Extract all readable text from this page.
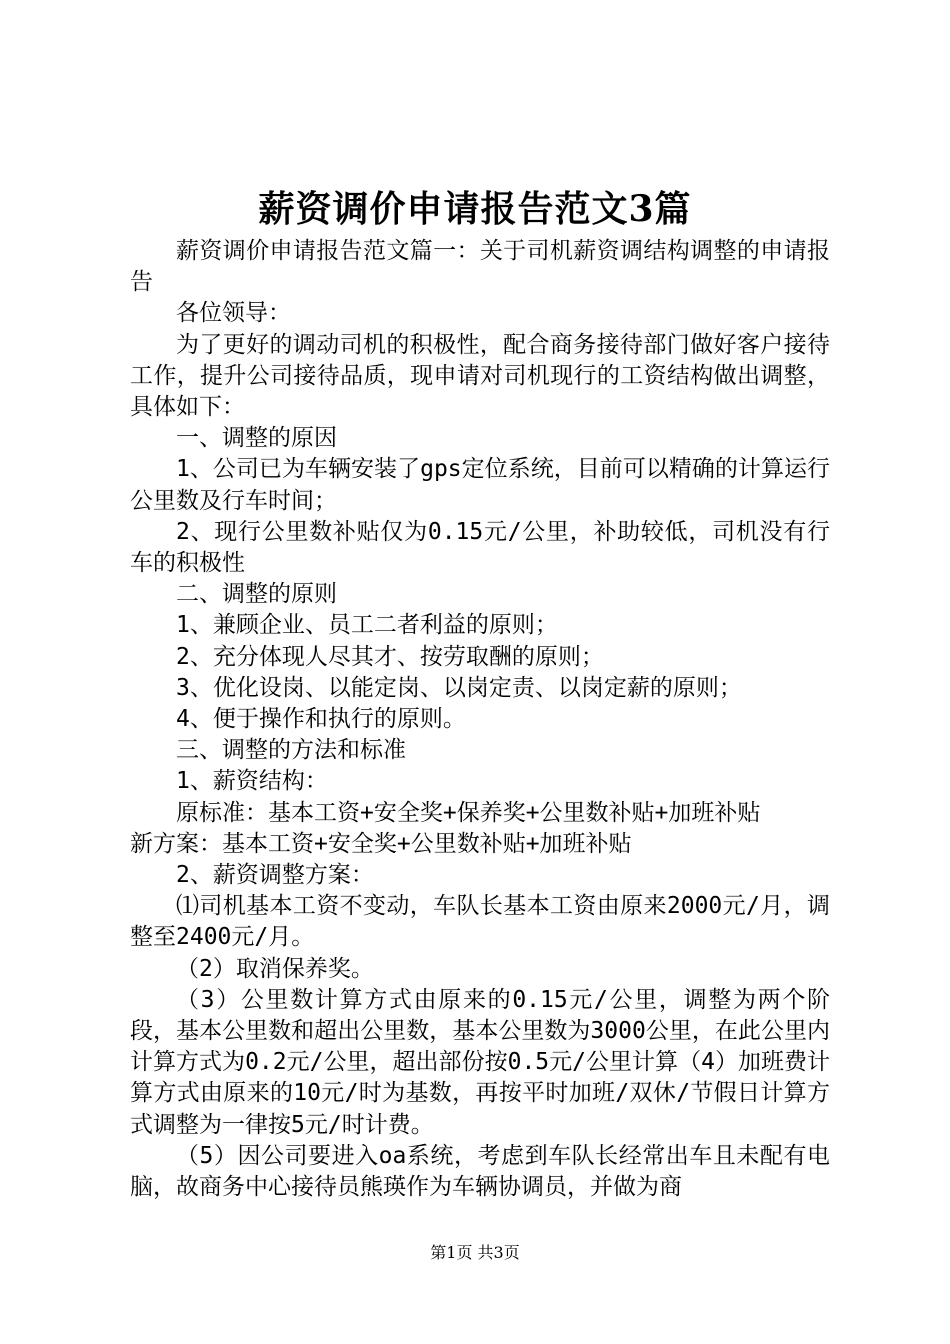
薪资调价申请报告范文3篇

薪资调价申请报告范文篇一：关于司机薪资调结构调整的申请报告

各位领导：

为了更好的调动司机的积极性，配合商务接待部门做好客户接待工作，提升公司接待品质，现申请对司机现行的工资结构做出调整，具体如下：

一、调整的原因

1、公司已为车辆安装了gps定位系统，目前可以精确的计算运行公里数及行车时间；

2、现行公里数补贴仅为0.15元/公里，补助较低，司机没有行车的积极性

二、调整的原则

1、兼顾企业、员工二者利益的原则；

2、充分体现人尽其才、按劳取酬的原则；

3、优化设岗、以能定岗、以岗定责、以岗定薪的原则；

4、便于操作和执行的原则。

三、调整的方法和标准

1、薪资结构：

原标准：基本工资+安全奖+保养奖+公里数补贴+加班补贴

新方案：基本工资+安全奖+公里数补贴+加班补贴

2、薪资调整方案：

⑴司机基本工资不变动，车队长基本工资由原来2000元/月，调整至2400元/月。

（2）取消保养奖。

（3）公里数计算方式由原来的0.15元/公里，调整为两个阶段，基本公里数和超出公里数，基本公里数为3000公里，在此公里内计算方式为0.2元/公里，超出部份按0.5元/公里计算（4）加班费计算方式由原来的10元/时为基数，再按平时加班/双休/节假日计算方式调整为一律按5元/时计费。

（5）因公司要进入oa系统，考虑到车队长经常出车且未配有电脑，故商务中心接待员熊瑛作为车辆协调员，并做为商

第1页 共3页
